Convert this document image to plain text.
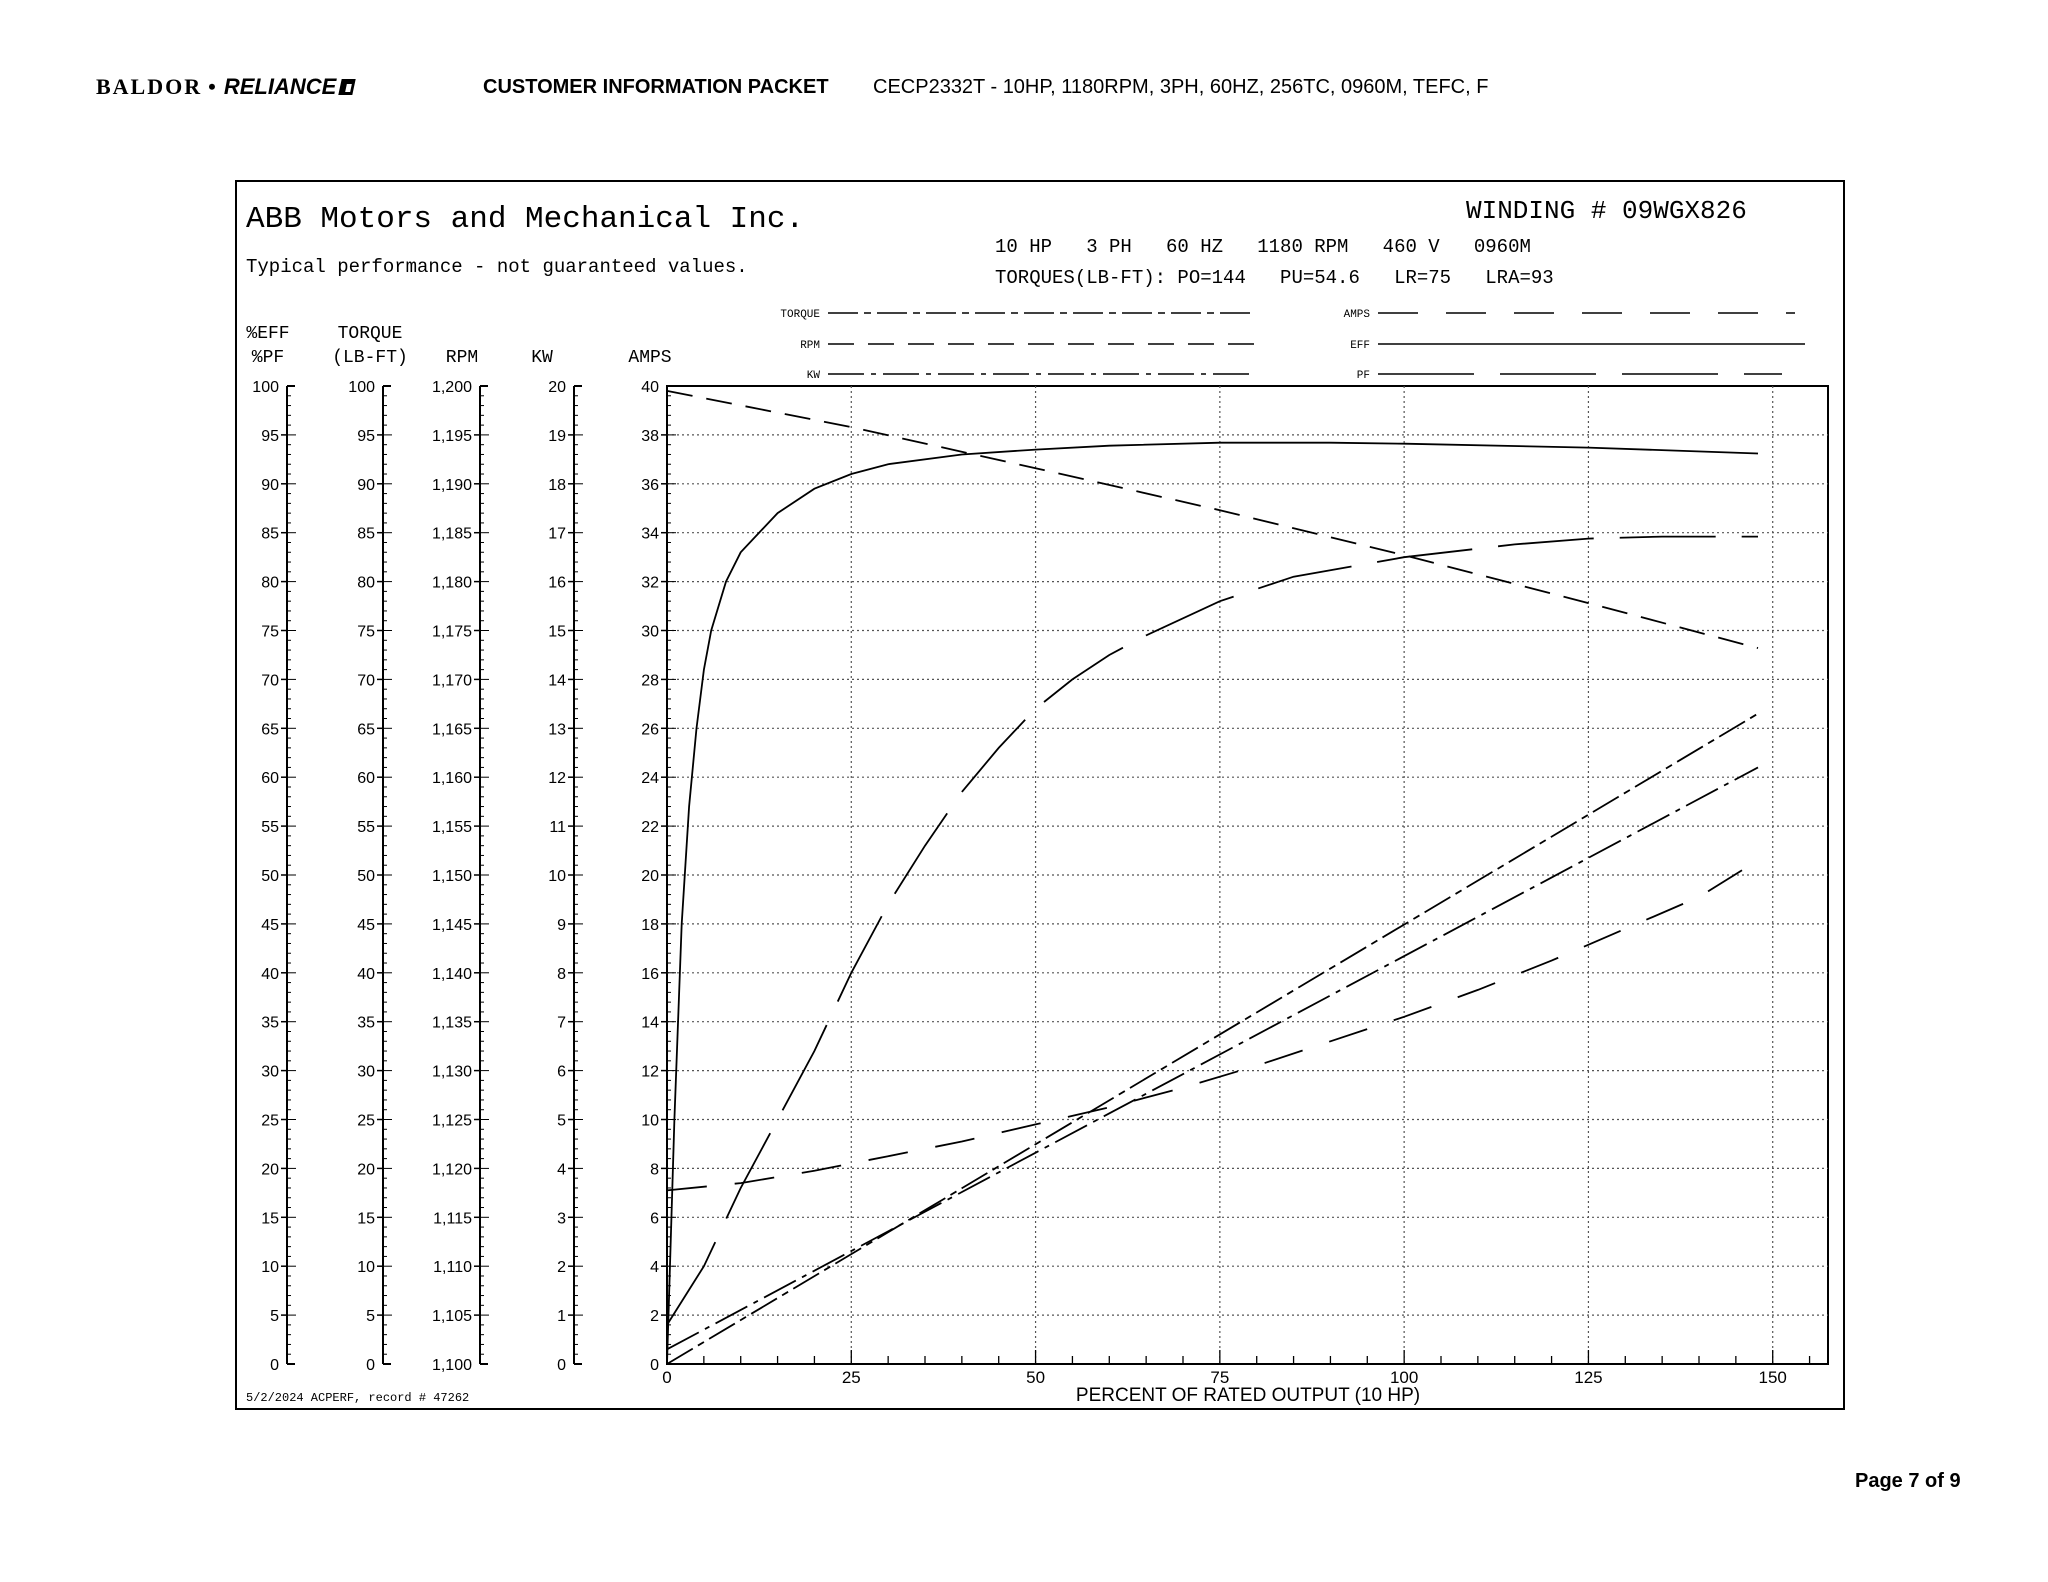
BALDOR • RELIANCE	CUSTOMER INFORMATION PACKET CECP2332T - 10HP, 1180RPM, 3PH, 60HZ, 256TC, 0960M, TEFC, F
ABB Motors and Mechanical Inc.
Typical performance - not guaranteed values.
WINDING # 09WGX826
10 HP   3 PH   60 HZ   1180 RPM   460 V   0960M
TORQUES(LB-FT): PO=144   PU=54.6   LR=75   LRA=93
5/2/2024 ACPERF, record # 47262	PERCENT OF RATED OUTPUT (10 HP)
0	25	50	75	100	125	150
0
5
10
15
20
25
30
35
40
45
50
55
60
65
70
75
80
85
90
95
100
%EFF
%PF
0
5
10
15
20
25
30
35
40
45
50
55
60
65
70
75
80
85
90
95
100
TORQUE
(LB-FT)
1,100
1,105
1,110
1,115
1,120
1,125
1,130
1,135
1,140
1,145
1,150
1,155
1,160
1,165
1,170
1,175
1,180
1,185
1,190
1,195
1,200
RPM
0
1
2
3
4
5
6
7
8
9
10
11
12
13
14
15
16
17
18
19
20
KW
0
2
4
6
8
10
12
14
16
18
20
22
24
26
28
30
32
34
36
38
40
AMPS
TORQUE
RPM
KW
AMPS
EFF
PF
Page 7 of 9
